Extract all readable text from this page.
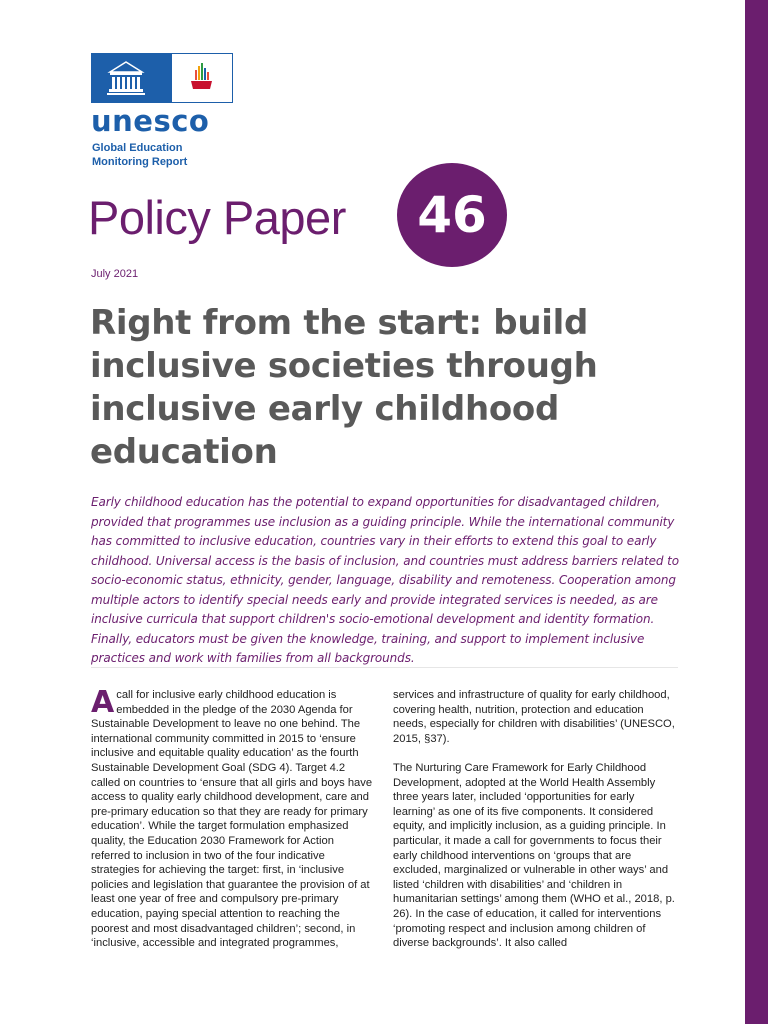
unesco
Global Education
Monitoring Report
Policy Paper	46
July 2021
Right from the start: build inclusive societies through inclusive early childhood education

Early childhood education has the potential to expand opportunities for disadvantaged children, provided that programmes use inclusion as a guiding principle. While the international community has committed to inclusive education, countries vary in their efforts to extend this goal to early childhood. Universal access is the basis of inclusion, and countries must address barriers related to socio-economic status, ethnicity, gender, language, disability and remoteness. Cooperation among multiple actors to identify special needs early and provide integrated services is needed, as are inclusive curricula that support children's socio-emotional development and identity formation. Finally, educators must be given the knowledge, training, and support to implement inclusive practices and work with families from all backgrounds.

Acall for inclusive early childhood education is embedded in the pledge of the 2030 Agenda for Sustainable Development to leave no one behind. The international community committed in 2015 to ‘ensure inclusive and equitable quality education’ as the fourth Sustainable Development Goal (SDG 4). Target 4.2 called on countries to ‘ensure that all girls and boys have access to quality early childhood development, care and pre-primary education so that they are ready for primary education’. While the target formulation emphasized quality, the Education 2030 Framework for Action referred to inclusion in two of the four indicative strategies for achieving the target: first, in ‘inclusive policies and legislation that guarantee the provision of at least one year of free and compulsory pre-primary education, paying special attention to reaching the poorest and most disadvantaged children’; second, in ‘inclusive, accessible and integrated programmes,

services and infrastructure of quality for early childhood, covering health, nutrition, protection and education needs, especially for children with disabilities’ (UNESCO, 2015, §37).

The Nurturing Care Framework for Early Childhood Development, adopted at the World Health Assembly three years later, included ‘opportunities for early learning’ as one of its five components. It considered equity, and implicitly inclusion, as a guiding principle. In particular, it made a call for governments to focus their early childhood interventions on ‘groups that are excluded, marginalized or vulnerable in other ways’ and listed ‘children with disabilities’ and ‘children in humanitarian settings’ among them (WHO et al., 2018, p. 26). In the case of education, it called for interventions ‘promoting respect and inclusion among children of diverse backgrounds’. It also called
